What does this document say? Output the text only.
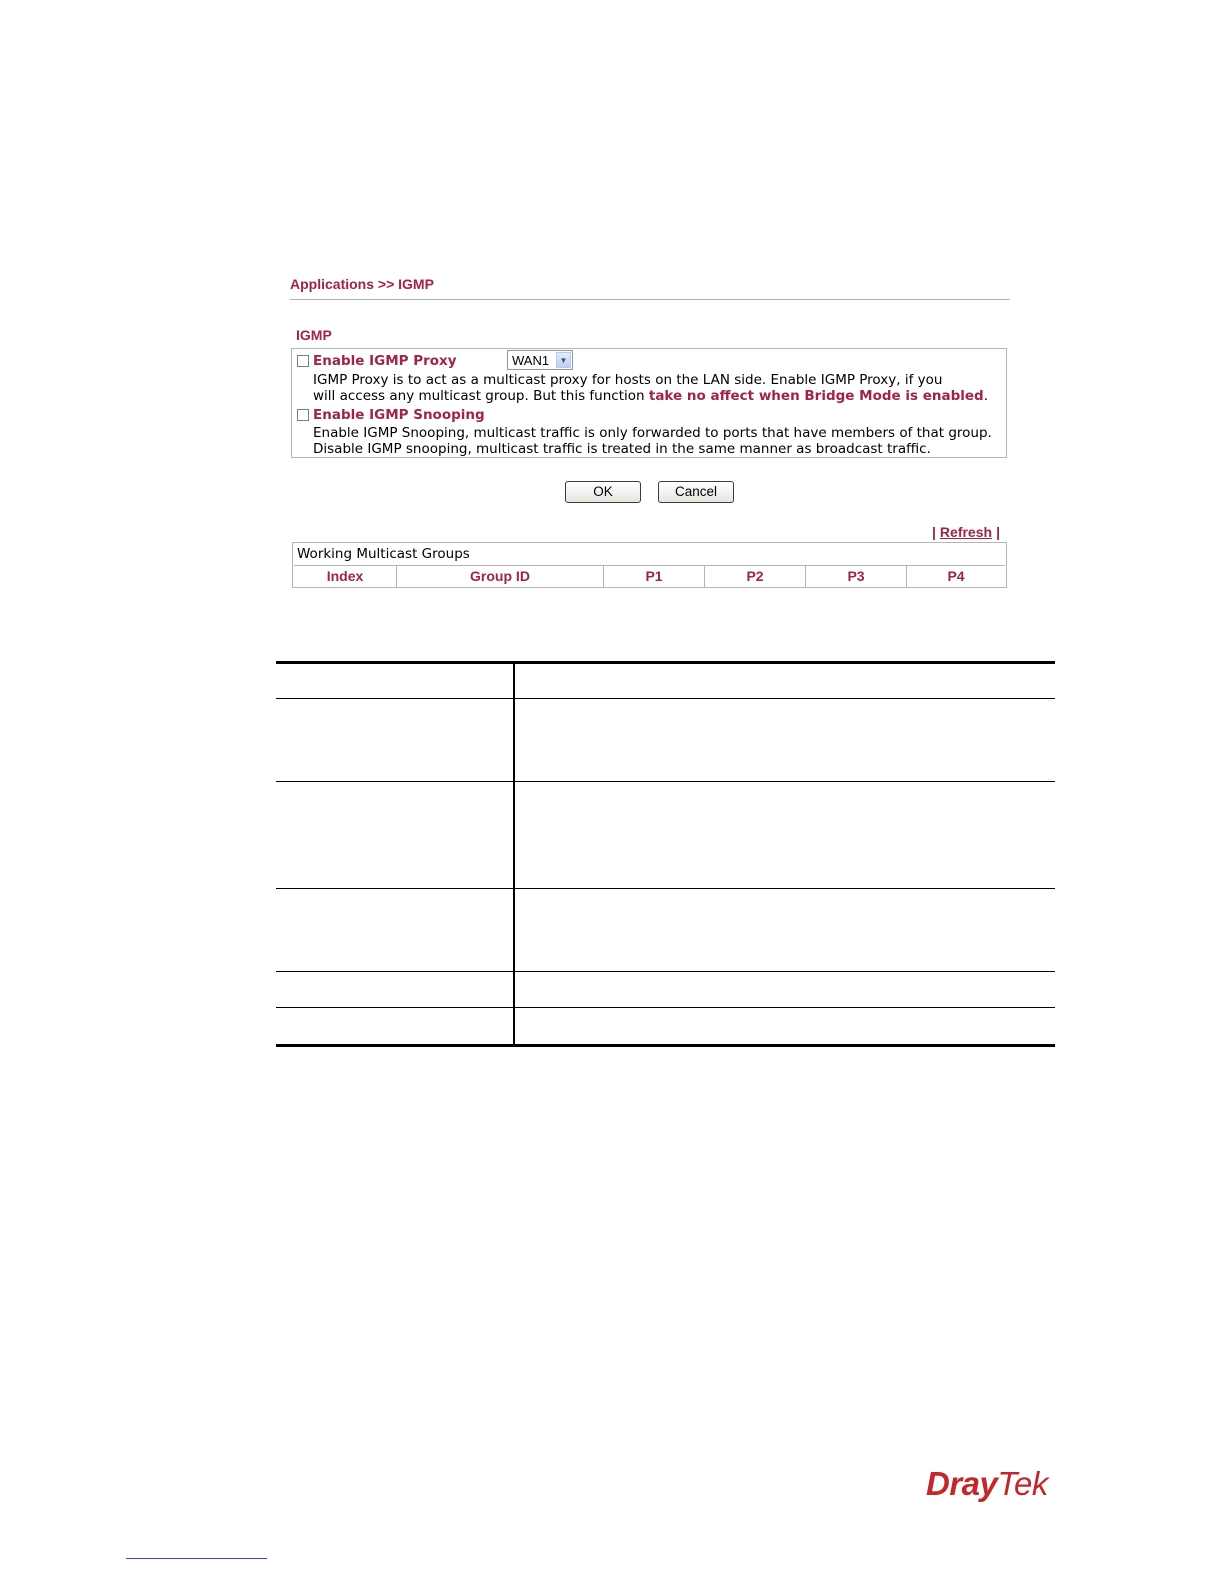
Applications >> IGMP
IGMP
Enable IGMP Proxy	WAN1	▼
IGMP Proxy is to act as a multicast proxy for hosts on the LAN side. Enable IGMP Proxy, if you
will access any multicast group. But this function take no affect when Bridge Mode is enabled.
Enable IGMP Snooping
Enable IGMP Snooping, multicast traffic is only forwarded to ports that have members of that group.
Disable IGMP snooping, multicast traffic is treated in the same manner as broadcast traffic.
OK	Cancel
| Refresh |
Working Multicast Groups
Index	Group ID	P1	P2	P3	P4
DrayTek
